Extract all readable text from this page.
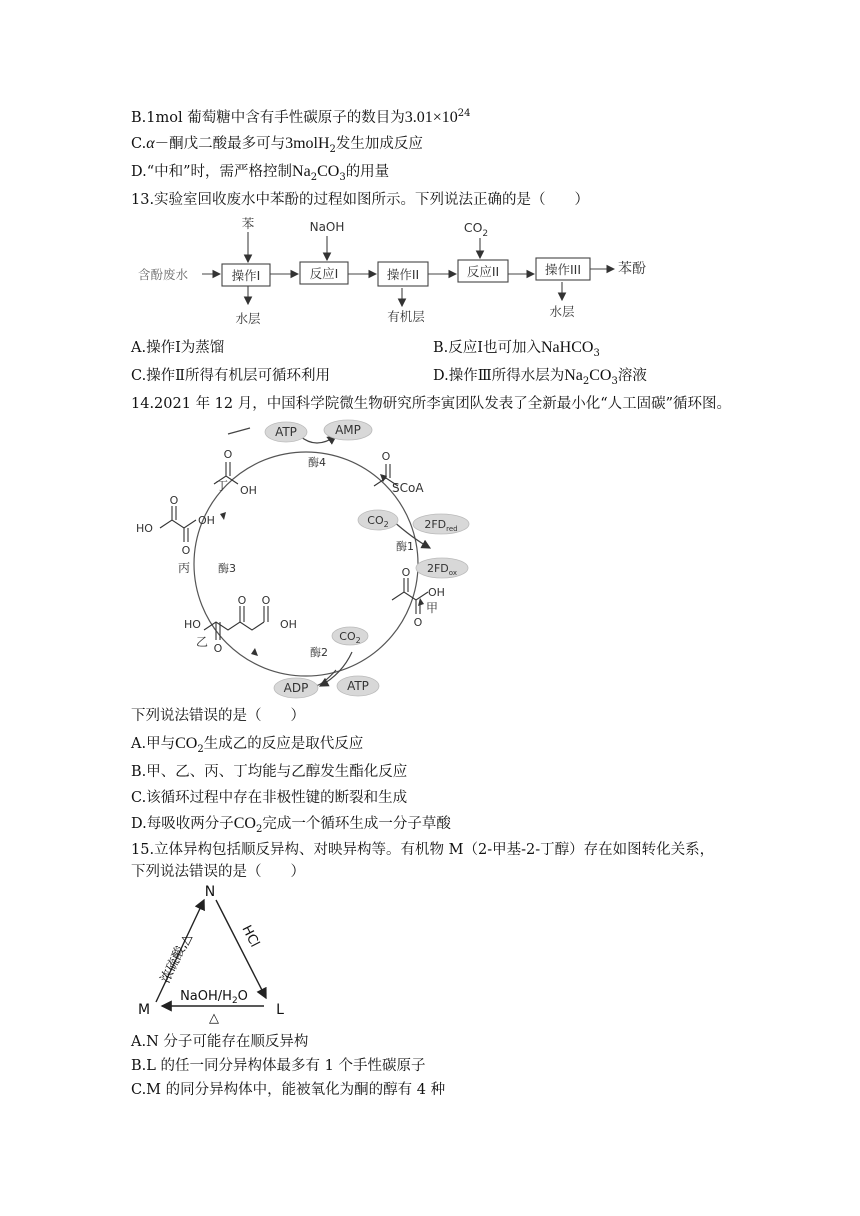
B.1mol 葡萄糖中含有手性碳原子的数目为$3.01\times 10^{24}$
C.α－酮戊二酸最多可与3molH$_2$发生加成反应
D.“中和”时，需严格控制$Na_2CO_3$的用量
13.实验室回收废水中苯酚的过程如图所示。下列说法正确的是（　　）
含酚废水	操作I	反应I	操作II	反应II	操作III	苯酚
苯	NaOH	$CO_2$
水层	有机层	水层
A.操作Ⅰ为蒸馏	B.反应Ⅰ也可加入NaHCO$_3$
C.操作Ⅱ所得有机层可循环利用	D.操作Ⅲ所得水层为$Na_2CO_3$溶液
14.2021 年 12 月，中国科学院微生物研究所李寅团队发表了全新最小化“人工固碳”循环图。
ATP	AMP
酶4
SCoA
O
$CO_2$	$2FD_{red}$
酶1
$2FD_{ox}$
OH
甲
O
O
HO
乙 O
O O
OH
$CO_2$
酶2
ADP	ATP
HO
OH
O
O
丙	酶3
丁 OH
O
下列说法错误的是（　　）
A.甲与$CO_2$生成乙的反应是取代反应
B.甲、乙、丙、丁均能与乙醇发生酯化反应
C.该循环过程中存在非极性键的断裂和生成
D.每吸收两分子$CO_2$完成一个循环生成一分子草酸
15.立体异构包括顺反异构、对映异构等。有机物 M（2-甲基-2-丁醇）存在如图转化关系，
下列说法错误的是（　　）
N
M	L
浓硫酸,△	HCl
NaOH/$H_2O$
△
A.N 分子可能存在顺反异构
B.L 的任一同分异构体最多有 1 个手性碳原子
C.M 的同分异构体中，能被氧化为酮的醇有 4 种
